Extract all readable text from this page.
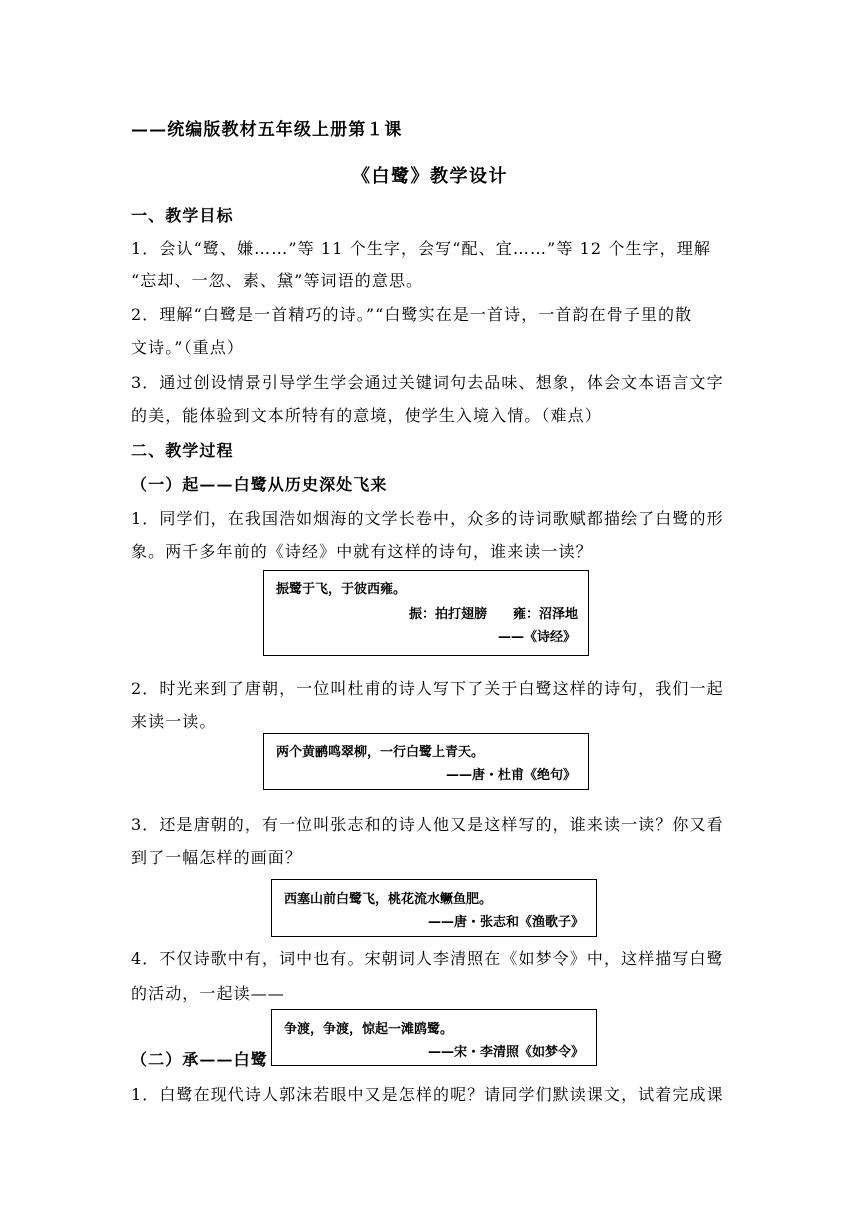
——统编版教材五年级上册第１课
《白鹭》教学设计
一、教学目标
1．会认“鹭、嫌……”等 11 个生字，会写“配、宜……”等 12 个生字，理解
“忘却、一忽、素、黛”等词语的意思。
2．理解“白鹭是一首精巧的诗。”“白鹭实在是一首诗，一首韵在骨子里的散
文诗。”（重点）
3．通过创设情景引导学生学会通过关键词句去品味、想象，体会文本语言文字
的美，能体验到文本所特有的意境，使学生入境入情。（难点）
二、教学过程
（一）起——白鹭从历史深处飞来
1．同学们，在我国浩如烟海的文学长卷中，众多的诗词歌赋都描绘了白鹭的形
象。两千多年前的《诗经》中就有这样的诗句，谁来读一读？
振鹭于飞，于彼西雍。
振：拍打翅膀　　雍：沼泽地
——《诗经》
2．时光来到了唐朝，一位叫杜甫的诗人写下了关于白鹭这样的诗句，我们一起
来读一读。
两个黄鹂鸣翠柳，一行白鹭上青天。
——唐・杜甫《绝句》
3．还是唐朝的，有一位叫张志和的诗人他又是这样写的，谁来读一读？你又看
到了一幅怎样的画面？
西塞山前白鹭飞，桃花流水鳜鱼肥。
——唐・张志和《渔歌子》
4．不仅诗歌中有，词中也有。宋朝词人李清照在《如梦令》中，这样描写白鹭
的活动，一起读——
（二）承——白鹭
争渡，争渡，惊起一滩鸥鹭。
——宋・李清照《如梦令》
1．白鹭在现代诗人郭沫若眼中又是怎样的呢？请同学们默读课文，试着完成课
